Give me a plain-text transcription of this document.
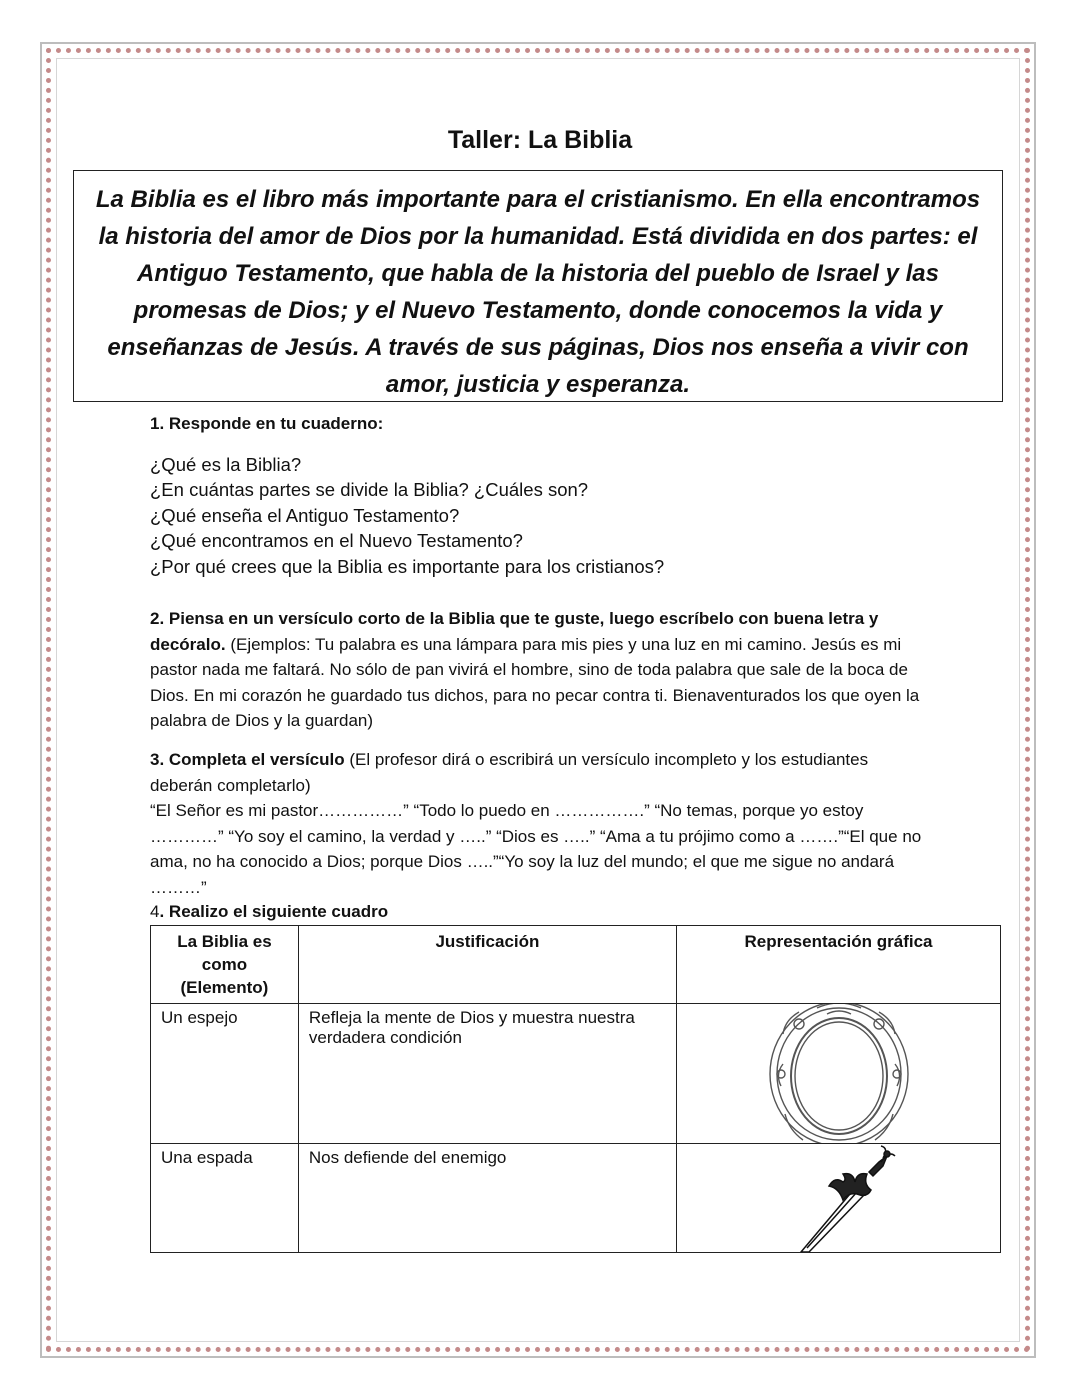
Taller: La Biblia
La Biblia es el libro más importante para el cristianismo. En ella encontramos la historia del amor de Dios por la humanidad. Está dividida en dos partes: el Antiguo Testamento, que habla de la historia del pueblo de Israel y las promesas de Dios; y el Nuevo Testamento, donde conocemos la vida y enseñanzas de Jesús. A través de sus páginas, Dios nos enseña a vivir con amor, justicia y esperanza.
1. Responde en tu cuaderno:
¿Qué es la Biblia?
¿En cuántas partes se divide la Biblia? ¿Cuáles son?
¿Qué enseña el Antiguo Testamento?
¿Qué encontramos en el Nuevo Testamento?
¿Por qué crees que la Biblia es importante para los cristianos?
2. Piensa en un versículo corto de la Biblia que te guste, luego escríbelo con buena letra y decóralo. (Ejemplos: Tu palabra es una lámpara para mis pies y una luz en mi camino. Jesús es mi pastor nada me faltará. No sólo de pan vivirá el hombre, sino de toda palabra que sale de la boca de Dios. En mi corazón he guardado tus dichos, para no pecar contra ti. Bienaventurados los que oyen la palabra de Dios y la guardan)
3. Completa el versículo (El profesor dirá o escribirá un versículo incompleto y los estudiantes deberán completarlo)
“El Señor es mi pastor……………” “Todo lo puedo en …………….” “No temas, porque yo estoy …………” “Yo soy el camino, la verdad y …..” “Dios es …..” “Ama a tu prójimo como a …….”“El que no ama, no ha conocido a Dios; porque Dios …..”“Yo soy la luz del mundo; el que me sigue no andará ………”
4. Realizo el siguiente cuadro
La Biblia es como (Elemento)	Justificación	Representación gráfica
Un espejo	Refleja la mente de Dios y muestra nuestra verdadera condición	

Una espada	Nos defiende del enemigo	
